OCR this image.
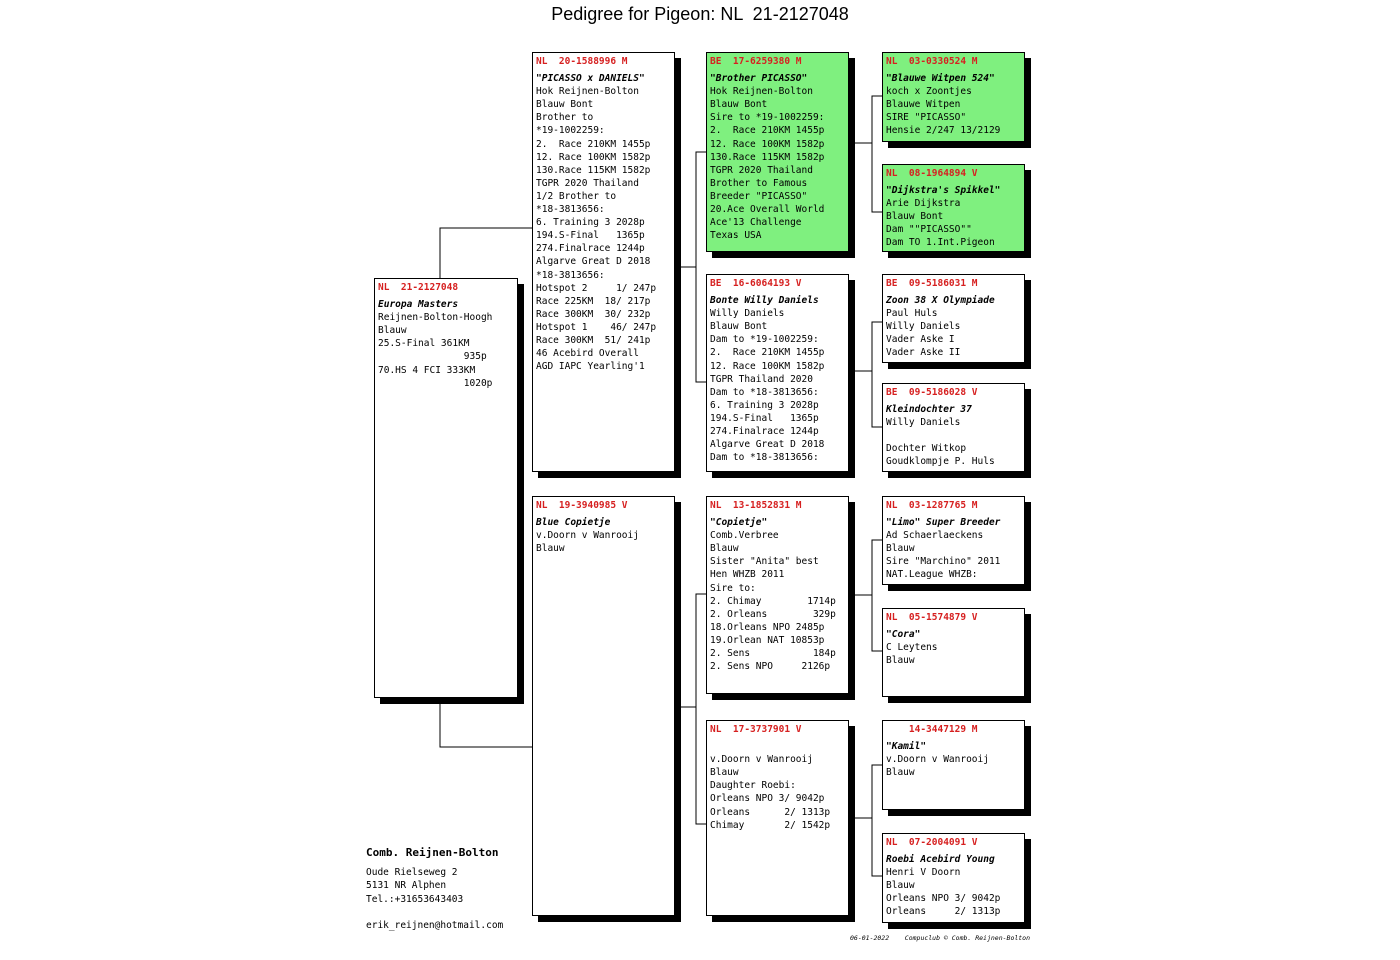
Pedigree for Pigeon: NL  21-2127048
NL  21-2127048
Europa Masters
Reijnen-Bolton-Hoogh
Blauw
25.S-Final 361KM
935p
70.HS 4 FCI 333KM
1020p
NL  20-1588996 M
"PICASSO x DANIELS"
Hok Reijnen-Bolton
Blauw Bont
Brother to
*19-1002259:
2.  Race 210KM 1455p
12. Race 100KM 1582p
130.Race 115KM 1582p
TGPR 2020 Thailand
1/2 Brother to
*18-3813656:
6. Training 3 2028p
194.S-Final   1365p
274.Finalrace 1244p
Algarve Great D 2018
*18-3813656:
Hotspot 2     1/ 247p
Race 225KM  18/ 217p
Race 300KM  30/ 232p
Hotspot 1    46/ 247p
Race 300KM  51/ 241p
46 Acebird Overall
AGD IAPC Yearling'1
NL  19-3940985 V
Blue Copietje
v.Doorn v Wanrooij
Blauw
BE  17-6259380 M
"Brother PICASSO"
Hok Reijnen-Bolton
Blauw Bont
Sire to *19-1002259:
2.  Race 210KM 1455p
12. Race 100KM 1582p
130.Race 115KM 1582p
TGPR 2020 Thailand
Brother to Famous
Breeder "PICASSO"
20.Ace Overall World
Ace'13 Challenge
Texas USA
BE  16-6064193 V
Bonte Willy Daniels
Willy Daniels
Blauw Bont
Dam to *19-1002259:
2.  Race 210KM 1455p
12. Race 100KM 1582p
TGPR Thailand 2020
Dam to *18-3813656:
6. Training 3 2028p
194.S-Final   1365p
274.Finalrace 1244p
Algarve Great D 2018
Dam to *18-3813656:
NL  13-1852831 M
"Copietje"
Comb.Verbree
Blauw
Sister "Anita" best
Hen WHZB 2011
Sire to:
2. Chimay        1714p
2. Orleans        329p
18.Orleans NPO 2485p
19.Orlean NAT 10853p
2. Sens           184p
2. Sens NPO     2126p
NL  17-3737901 V
v.Doorn v Wanrooij
Blauw
Daughter Roebi:
Orleans NPO 3/ 9042p
Orleans      2/ 1313p
Chimay       2/ 1542p
NL  03-0330524 M
"Blauwe Witpen 524"
koch x Zoontjes
Blauwe Witpen
SIRE "PICASSO"
Hensie 2/247 13/2129
NL  08-1964894 V
"Dijkstra's Spikkel"
Arie Dijkstra
Blauw Bont
Dam ""PICASSO""
Dam TO 1.Int.Pigeon
BE  09-5186031 M
Zoon 38 X Olympiade
Paul Huls
Willy Daniels
Vader Aske I
Vader Aske II
BE  09-5186028 V
Kleindochter 37
Willy Daniels
Dochter Witkop
Goudklompje P. Huls
NL  03-1287765 M
"Limo" Super Breeder
Ad Schaerlaeckens
Blauw
Sire "Marchino" 2011
NAT.League WHZB:
NL  05-1574879 V
"Cora"
C Leytens
Blauw
14-3447129 M
"Kamil"
v.Doorn v Wanrooij
Blauw
NL  07-2004091 V
Roebi Acebird Young
Henri V Doorn
Blauw
Orleans NPO 3/ 9042p
Orleans     2/ 1313p
Comb. Reijnen-Bolton
Oude Rielseweg 2
5131 NR Alphen
Tel.:+31653643403
erik_reijnen@hotmail.com
06-01-2022    Compuclub © Comb. Reijnen-Bolton
